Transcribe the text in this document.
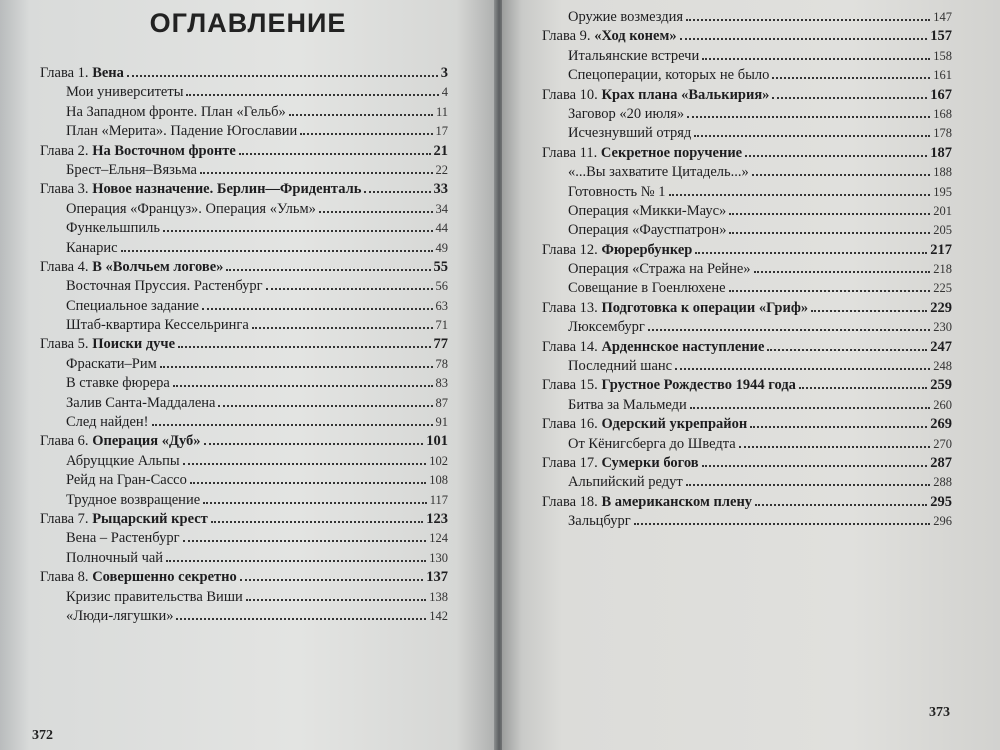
ОГЛАВЛЕНИЕ
Глава 1. Вена	3
Мои университеты	4
На Западном фронте. План «Гельб»	11
План «Мерита». Падение Югославии	17
Глава 2. На Восточном фронте	21
Брест–Ельня–Вязьма	22
Глава 3. Новое назначение. Берлин—Фриденталь	33
Операция «Француз». Операция «Ульм»	34
Функельшпиль	44
Канарис	49
Глава 4. В «Волчьем логове»	55
Восточная Пруссия. Растенбург	56
Специальное задание	63
Штаб-квартира Кессельринга	71
Глава 5. Поиски дуче	77
Фраскати–Рим	78
В ставке фюрера	83
Залив Санта-Маддалена	87
След найден!	91
Глава 6. Операция «Дуб»	101
Абруццкие Альпы	102
Рейд на Гран-Сассо	108
Трудное возвращение	117
Глава 7. Рыцарский крест	123
Вена – Растенбург	124
Полночный чай	130
Глава 8. Совершенно секретно	137
Кризис правительства Виши	138
«Люди-лягушки»	142
372
Оружие возмездия	147
Глава 9. «Ход конем»	157
Итальянские встречи	158
Спецоперации, которых не было	161
Глава 10. Крах плана «Валькирия»	167
Заговор «20 июля»	168
Исчезнувший отряд	178
Глава 11. Секретное поручение	187
«...Вы захватите Цитадель...»	188
Готовность № 1	195
Операция «Микки-Маус»	201
Операция «Фаустпатрон»	205
Глава 12. Фюрербункер	217
Операция «Стража на Рейне»	218
Совещание в Гоенлюхене	225
Глава 13. Подготовка к операции «Гриф»	229
Люксембург	230
Глава 14. Арденнское наступление	247
Последний шанс	248
Глава 15. Грустное Рождество 1944 года	259
Битва за Мальмеди	260
Глава 16. Одерский укрепрайон	269
От Кёнигсберга до Шведта	270
Глава 17. Сумерки богов	287
Альпийский редут	288
Глава 18. В американском плену	295
Зальцбург	296
373
